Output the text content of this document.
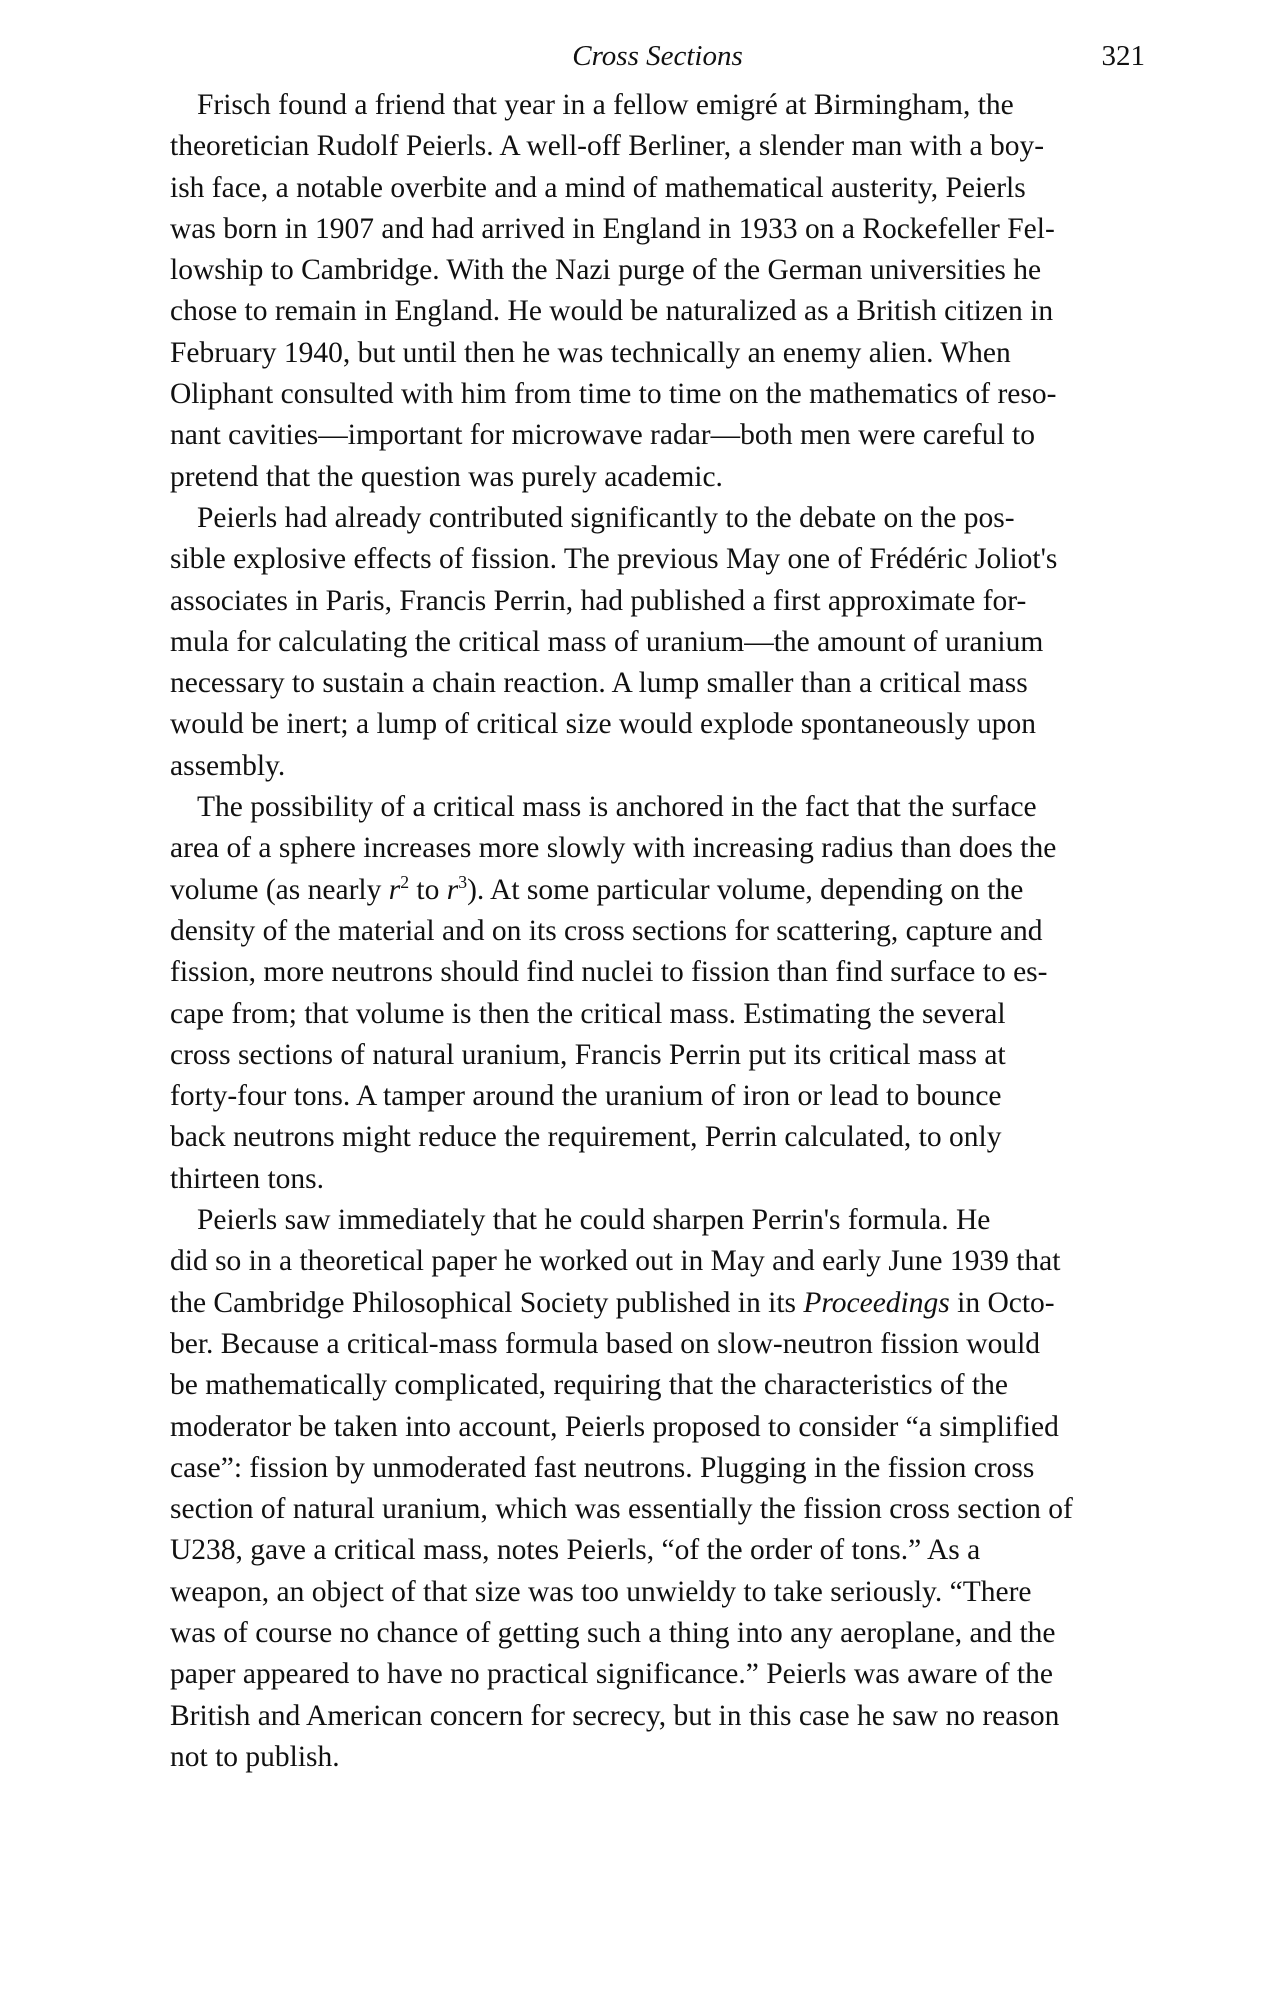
Cross Sections	321
Frisch found a friend that year in a fellow emigré at Birmingham, the
theoretician Rudolf Peierls. A well-off Berliner, a slender man with a boy-
ish face, a notable overbite and a mind of mathematical austerity, Peierls
was born in 1907 and had arrived in England in 1933 on a Rockefeller Fel-
lowship to Cambridge. With the Nazi purge of the German universities he
chose to remain in England. He would be naturalized as a British citizen in
February 1940, but until then he was technically an enemy alien. When
Oliphant consulted with him from time to time on the mathematics of reso-
nant cavities—important for microwave radar—both men were careful to
pretend that the question was purely academic.
Peierls had already contributed significantly to the debate on the pos-
sible explosive effects of fission. The previous May one of Frédéric Joliot's
associates in Paris, Francis Perrin, had published a first approximate for-
mula for calculating the critical mass of uranium—the amount of uranium
necessary to sustain a chain reaction. A lump smaller than a critical mass
would be inert; a lump of critical size would explode spontaneously upon
assembly.
The possibility of a critical mass is anchored in the fact that the surface
area of a sphere increases more slowly with increasing radius than does the
volume (as nearly $r^2$ to $r^3$). At some particular volume, depending on the
density of the material and on its cross sections for scattering, capture and
fission, more neutrons should find nuclei to fission than find surface to es-
cape from; that volume is then the critical mass. Estimating the several
cross sections of natural uranium, Francis Perrin put its critical mass at
forty-four tons. A tamper around the uranium of iron or lead to bounce
back neutrons might reduce the requirement, Perrin calculated, to only
thirteen tons.
Peierls saw immediately that he could sharpen Perrin's formula. He
did so in a theoretical paper he worked out in May and early June 1939 that
the Cambridge Philosophical Society published in its Proceedings in Octo-
ber. Because a critical-mass formula based on slow-neutron fission would
be mathematically complicated, requiring that the characteristics of the
moderator be taken into account, Peierls proposed to consider “a simplified
case”: fission by unmoderated fast neutrons. Plugging in the fission cross
section of natural uranium, which was essentially the fission cross section of
U238, gave a critical mass, notes Peierls, “of the order of tons.” As a
weapon, an object of that size was too unwieldy to take seriously. “There
was of course no chance of getting such a thing into any aeroplane, and the
paper appeared to have no practical significance.” Peierls was aware of the
British and American concern for secrecy, but in this case he saw no reason
not to publish.
